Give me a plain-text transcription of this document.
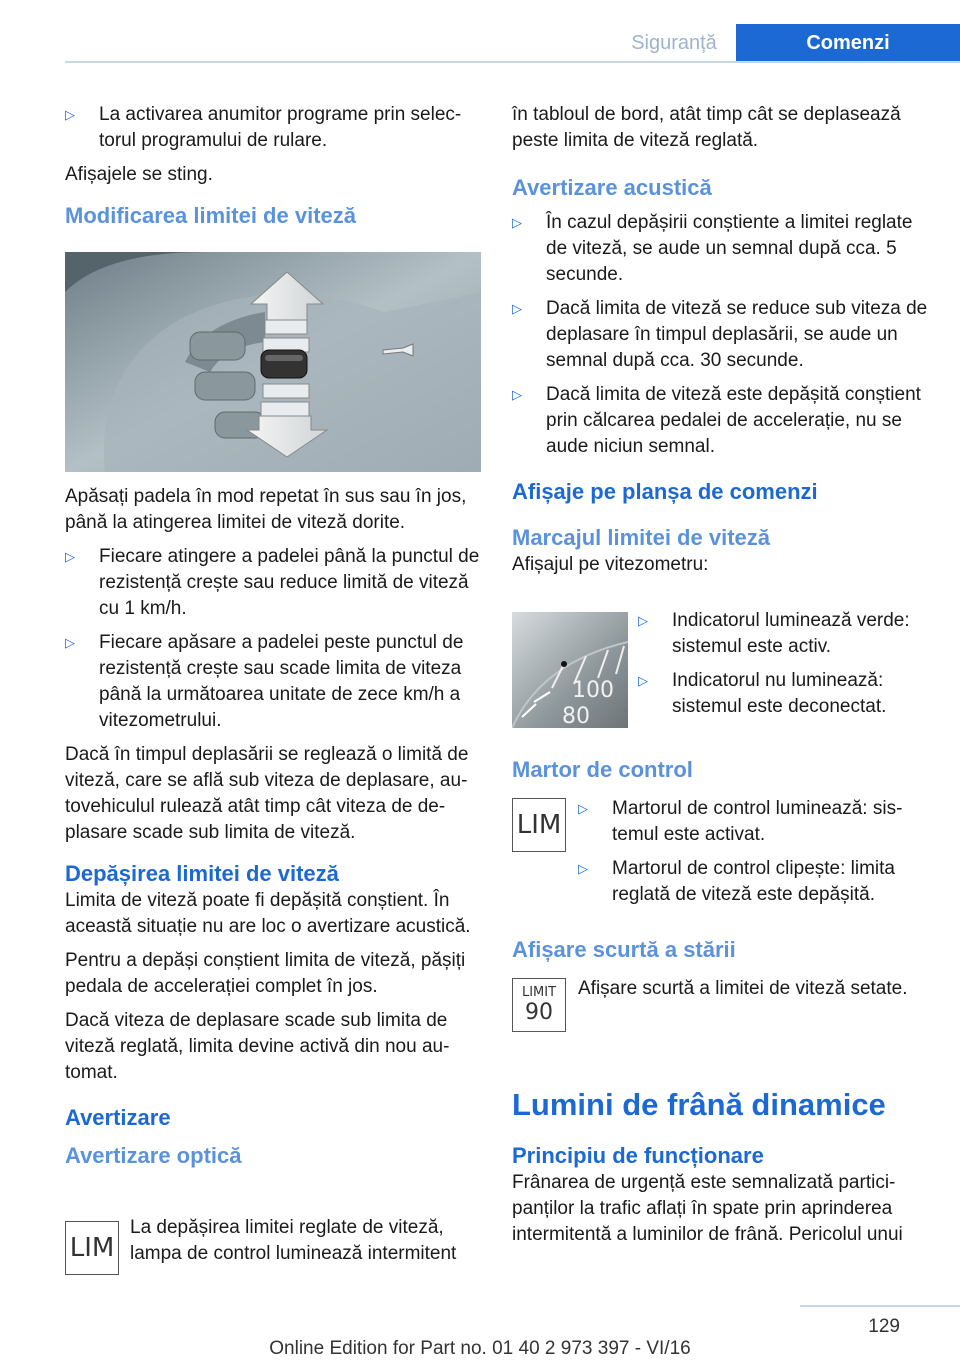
Siguranță	Comenzi
▷	La activarea anumitor programe prin selectorul programului de rulare.
Afișajele se sting.
Modificarea limitei de viteză
Apăsați padela în mod repetat în sus sau în jos, până la atingerea limitei de viteză dorite.
▷	Fiecare atingere a padelei până la punctul de rezistență crește sau reduce limită de viteză cu 1 km/h.
▷	Fiecare apăsare a padelei peste punctul de rezistență crește sau scade limita de viteza până la următoarea unitate de zece km/h a vitezometrului.
Dacă în timpul deplasării se reglează o limită de viteză, care se află sub viteza de deplasare, autovehiculul rulează atât timp cât viteza de deplasare scade sub limita de viteză.
Depășirea limitei de viteză
Limita de viteză poate fi depășită conștient. În această situație nu are loc o avertizare acustică.
Pentru a depăși conștient limita de viteză, pășiți pedala de accelerației complet în jos.
Dacă viteza de deplasare scade sub limita de viteză reglată, limita devine activă din nou automat.
Avertizare
Avertizare optică
LIM
La depășirea limitei reglate de viteză, lampa de control luminează intermitent
în tabloul de bord, atât timp cât se deplasează peste limita de viteză reglată.
Avertizare acustică
▷	În cazul depășirii conștiente a limitei reglate de viteză, se aude un semnal după cca. 5 secunde.
▷	Dacă limita de viteză se reduce sub viteza de deplasare în timpul deplasării, se aude un semnal după cca. 30 secunde.
▷	Dacă limita de viteză este depășită conștient prin călcarea pedalei de accelerație, nu se aude niciun semnal.
Afișaje pe planșa de comenzi
Marcajul limitei de viteză
Afișajul pe vitezometru:
100
80
▷	Indicatorul luminează verde: sistemul este activ.
▷	Indicatorul nu luminează: sistemul este deconectat.
Martor de control
LIM
▷	Martorul de control luminează: sistemul este activat.
▷	Martorul de control clipește: limita reglată de viteză este depășită.
Afișare scurtă a stării
LIMIT
90
Afișare scurtă a limitei de viteză setate.
Lumini de frână dinamice
Principiu de funcționare
Frânarea de urgență este semnalizată participanților la trafic aflați în spate prin aprinderea intermitentă a luminilor de frână. Pericolul unui
129
Online Edition for Part no. 01 40 2 973 397 - VI/16
